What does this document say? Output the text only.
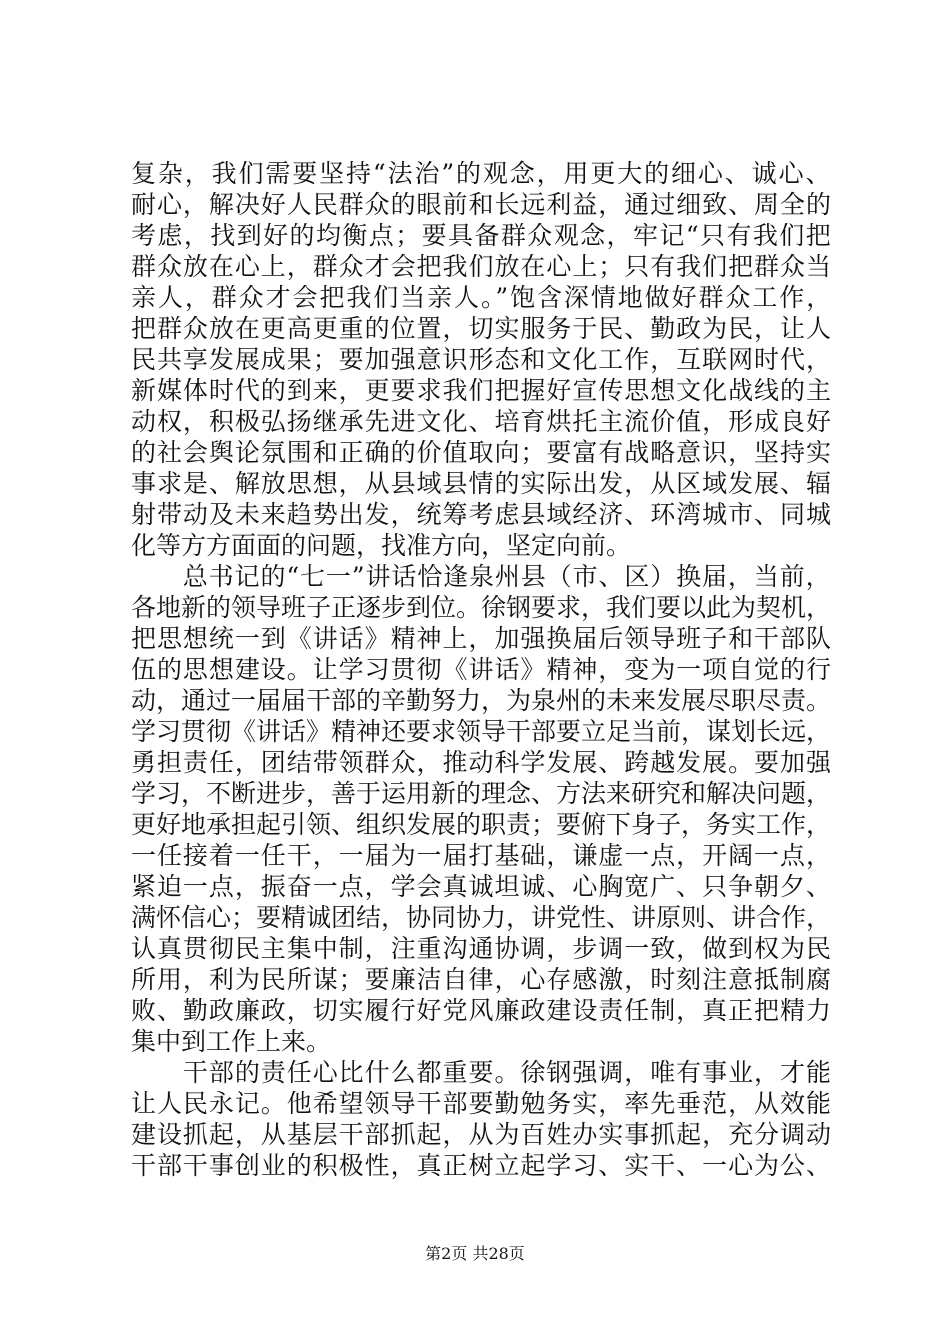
复杂，我们需要坚持“法治”的观念，用更大的细心、诚心、
耐心，解决好人民群众的眼前和长远利益，通过细致、周全的
考虑，找到好的均衡点；要具备群众观念，牢记“只有我们把
群众放在心上，群众才会把我们放在心上；只有我们把群众当
亲人，群众才会把我们当亲人。”饱含深情地做好群众工作，
把群众放在更高更重的位置，切实服务于民、勤政为民，让人
民共享发展成果；要加强意识形态和文化工作，互联网时代，
新媒体时代的到来，更要求我们把握好宣传思想文化战线的主
动权，积极弘扬继承先进文化、培育烘托主流价值，形成良好
的社会舆论氛围和正确的价值取向；要富有战略意识，坚持实
事求是、解放思想，从县域县情的实际出发，从区域发展、辐
射带动及未来趋势出发，统筹考虑县域经济、环湾城市、同城
化等方方面面的问题，找准方向，坚定向前。
　　总书记的“七一”讲话恰逢泉州县（市、区）换届，当前，
各地新的领导班子正逐步到位。徐钢要求，我们要以此为契机，
把思想统一到《讲话》精神上，加强换届后领导班子和干部队
伍的思想建设。让学习贯彻《讲话》精神，变为一项自觉的行
动，通过一届届干部的辛勤努力，为泉州的未来发展尽职尽责。
学习贯彻《讲话》精神还要求领导干部要立足当前，谋划长远，
勇担责任，团结带领群众，推动科学发展、跨越发展。要加强
学习，不断进步，善于运用新的理念、方法来研究和解决问题，
更好地承担起引领、组织发展的职责；要俯下身子，务实工作，
一任接着一任干，一届为一届打基础，谦虚一点，开阔一点，
紧迫一点，振奋一点，学会真诚坦诚、心胸宽广、只争朝夕、
满怀信心；要精诚团结，协同协力，讲党性、讲原则、讲合作，
认真贯彻民主集中制，注重沟通协调，步调一致，做到权为民
所用，利为民所谋；要廉洁自律，心存感激，时刻注意抵制腐
败、勤政廉政，切实履行好党风廉政建设责任制，真正把精力
集中到工作上来。
　　干部的责任心比什么都重要。徐钢强调，唯有事业，才能
让人民永记。他希望领导干部要勤勉务实，率先垂范，从效能
建设抓起，从基层干部抓起，从为百姓办实事抓起，充分调动
干部干事创业的积极性，真正树立起学习、实干、一心为公、
第2页 共28页
